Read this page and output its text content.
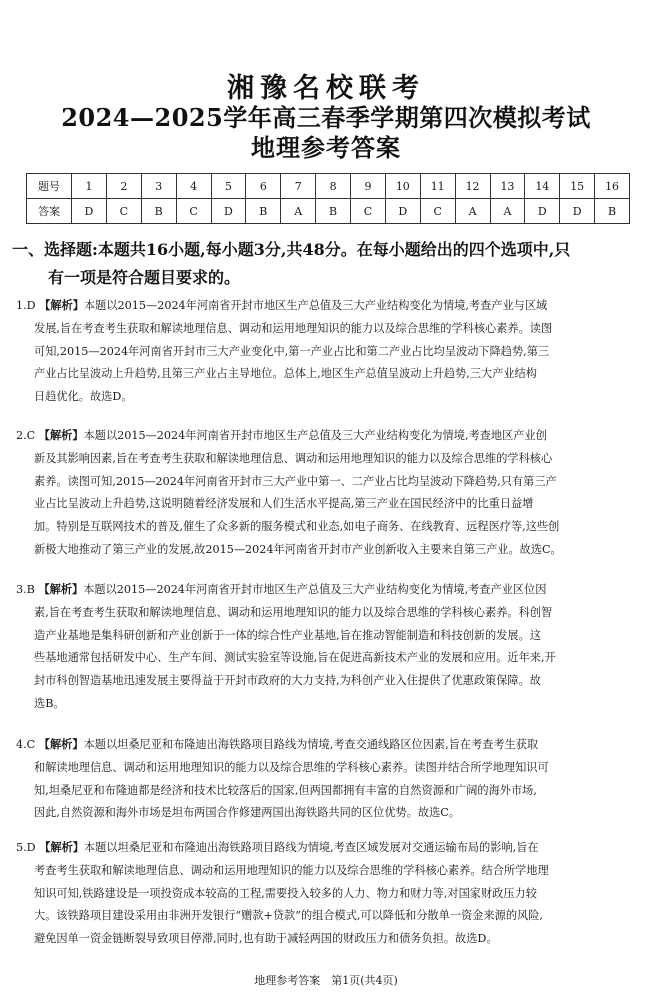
湘豫名校联考
2024—2025学年高三春季学期第四次模拟考试
地理参考答案
题号	1	2	3	4	5	6	7	8	9	10	11	12	13	14	15	16
答案	D	C	B	C	D	B	A	B	C	D	C	A	A	D	D	B
一、选择题:本题共16小题,每小题3分,共48分。在每小题给出的四个选项中,只
有一项是符合题目要求的。
1.D 【解析】本题以2015—2024年河南省开封市地区生产总值及三大产业结构变化为情境,考查产业与区域
发展,旨在考查考生获取和解读地理信息、调动和运用地理知识的能力以及综合思维的学科核心素养。读图
可知,2015—2024年河南省开封市三大产业变化中,第一产业占比和第二产业占比均呈波动下降趋势,第三
产业占比呈波动上升趋势,且第三产业占主导地位。总体上,地区生产总值呈波动上升趋势,三大产业结构
日趋优化。故选D。
2.C 【解析】本题以2015—2024年河南省开封市地区生产总值及三大产业结构变化为情境,考查地区产业创
新及其影响因素,旨在考查考生获取和解读地理信息、调动和运用地理知识的能力以及综合思维的学科核心
素养。读图可知,2015—2024年河南省开封市三大产业中第一、二产业占比均呈波动下降趋势,只有第三产
业占比呈波动上升趋势,这说明随着经济发展和人们生活水平提高,第三产业在国民经济中的比重日益增
加。特别是互联网技术的普及,催生了众多新的服务模式和业态,如电子商务、在线教育、远程医疗等,这些创
新极大地推动了第三产业的发展,故2015—2024年河南省开封市产业创新收入主要来自第三产业。故选C。
3.B 【解析】本题以2015—2024年河南省开封市地区生产总值及三大产业结构变化为情境,考查产业区位因
素,旨在考查考生获取和解读地理信息、调动和运用地理知识的能力以及综合思维的学科核心素养。科创智
造产业基地是集科研创新和产业创新于一体的综合性产业基地,旨在推动智能制造和科技创新的发展。这
些基地通常包括研发中心、生产车间、测试实验室等设施,旨在促进高新技术产业的发展和应用。近年来,开
封市科创智造基地迅速发展主要得益于开封市政府的大力支持,为科创产业入住提供了优惠政策保障。故
选B。
4.C 【解析】本题以坦桑尼亚和布隆迪出海铁路项目路线为情境,考查交通线路区位因素,旨在考查考生获取
和解读地理信息、调动和运用地理知识的能力以及综合思维的学科核心素养。读图并结合所学地理知识可
知,坦桑尼亚和布隆迪都是经济和技术比较落后的国家,但两国都拥有丰富的自然资源和广阔的海外市场,
因此,自然资源和海外市场是坦布两国合作修建两国出海铁路共同的区位优势。故选C。
5.D 【解析】本题以坦桑尼亚和布隆迪出海铁路项目路线为情境,考查区域发展对交通运输布局的影响,旨在
考查考生获取和解读地理信息、调动和运用地理知识的能力以及综合思维的学科核心素养。结合所学地理
知识可知,铁路建设是一项投资成本较高的工程,需要投入较多的人力、物力和财力等,对国家财政压力较
大。该铁路项目建设采用由非洲开发银行“赠款+贷款”的组合模式,可以降低和分散单一资金来源的风险,
避免因单一资金链断裂导致项目停滞,同时,也有助于减轻两国的财政压力和债务负担。故选D。
地理参考答案　第1页(共4页)
